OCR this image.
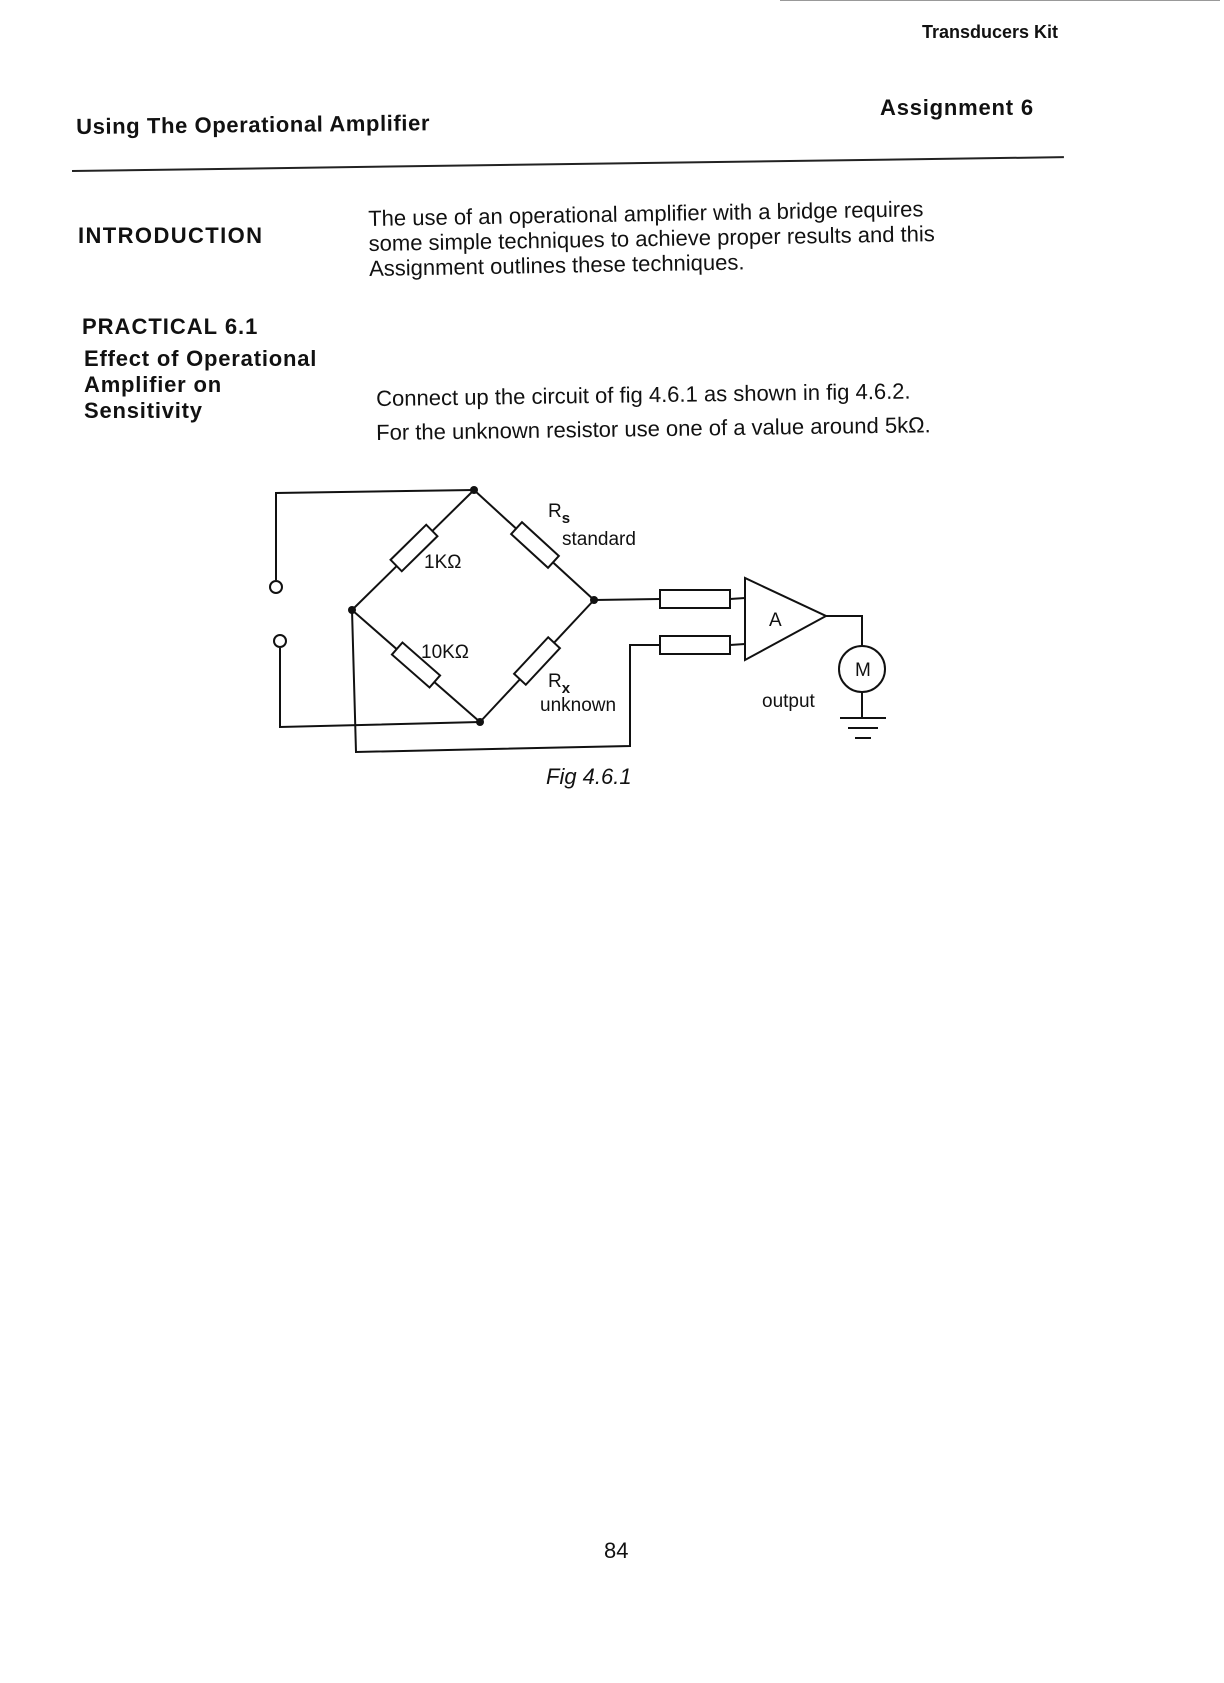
Transducers Kit
Using The Operational Amplifier
Assignment 6
INTRODUCTION

The use of an operational amplifier with a bridge requires

some simple techniques to achieve proper results and this

Assignment outlines these techniques.

PRACTICAL 6.1
Effect of Operational
Amplifier on
Sensitivity	Connect up the circuit of fig 4.6.1 as shown in fig 4.6.2.
For the unknown resistor use one of a value around 5kΩ.
1KΩ
10KΩ
$R_s$
standard
$R_x$
unknown
A
M
output
Fig 4.6.1
84
